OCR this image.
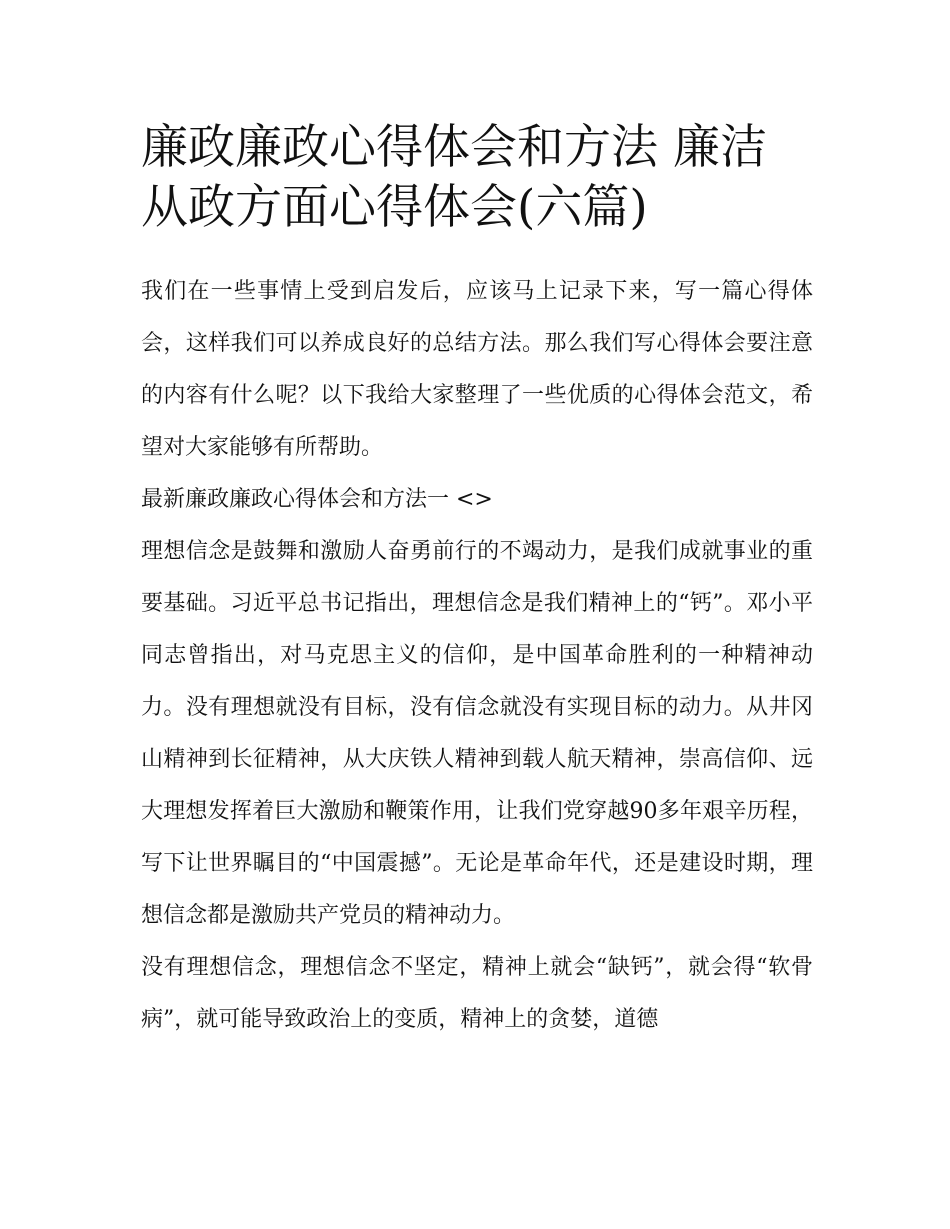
廉政廉政心得体会和方法 廉洁从政方面心得体会(六篇)

我们在一些事情上受到启发后，应该马上记录下来，写一篇心得体会，这样我们可以养成良好的总结方法。那么我们写心得体会要注意的内容有什么呢？以下我给大家整理了一些优质的心得体会范文，希望对大家能够有所帮助。

最新廉政廉政心得体会和方法一 <>

理想信念是鼓舞和激励人奋勇前行的不竭动力，是我们成就事业的重要基础。习近平总书记指出，理想信念是我们精神上的“钙”。邓小平同志曾指出，对马克思主义的信仰，是中国革命胜利的一种精神动力。没有理想就没有目标，没有信念就没有实现目标的动力。从井冈山精神到长征精神，从大庆铁人精神到载人航天精神，崇高信仰、远大理想发挥着巨大激励和鞭策作用，让我们党穿越90多年艰辛历程，写下让世界瞩目的“中国震撼”。无论是革命年代，还是建设时期，理想信念都是激励共产党员的精神动力。

没有理想信念，理想信念不坚定，精神上就会“缺钙”，就会得“软骨病”，就可能导致政治上的变质，精神上的贪婪，道德
